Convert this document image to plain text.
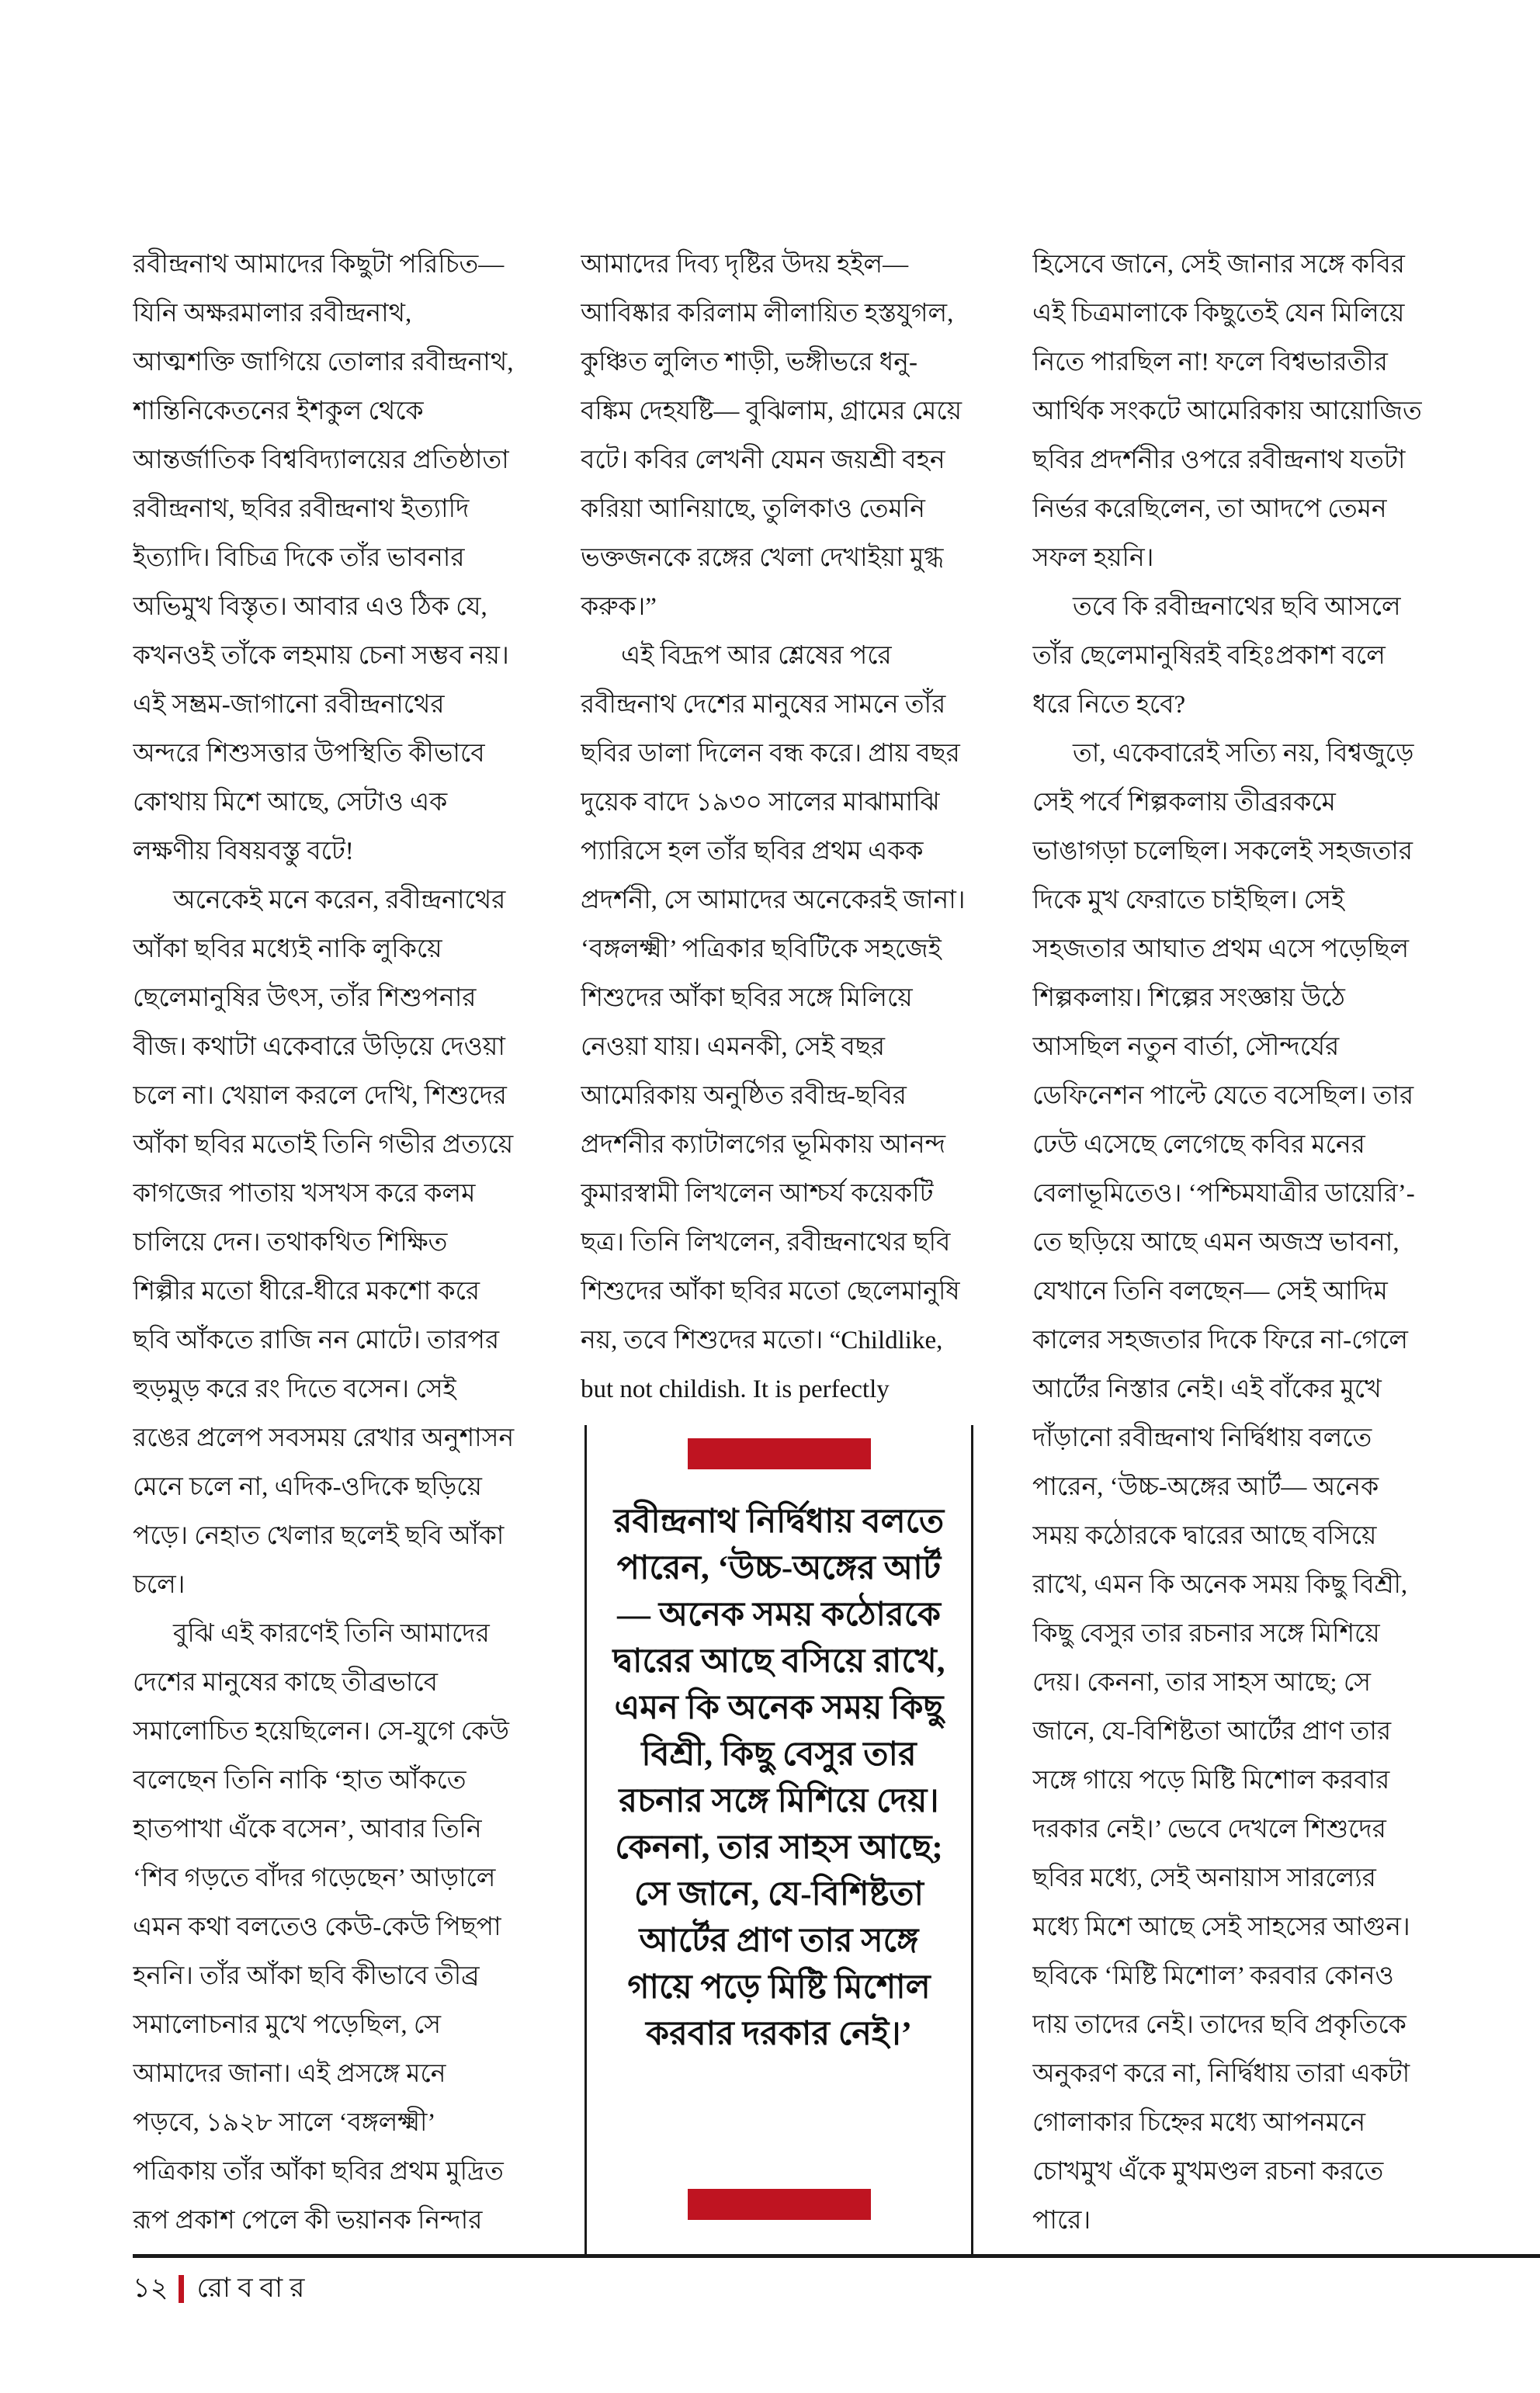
রবীন্দ্রনাথ আমাদের কিছুটা পরিচিত— যিনি অক্ষরমালার রবীন্দ্রনাথ, আত্মশক্তি জাগিয়ে তোলার রবীন্দ্রনাথ, শান্তিনিকেতনের ইশকুল থেকে আন্তর্জাতিক বিশ্ববিদ্যালয়ের প্রতিষ্ঠাতা রবীন্দ্রনাথ, ছবির রবীন্দ্রনাথ ইত্যাদি ইত্যাদি। বিচিত্র দিকে তাঁর ভাবনার অভিমুখ বিস্তৃত। আবার এও ঠিক যে, কখনওই তাঁকে লহমায় চেনা সম্ভব নয়। এই সম্ভ্রম-জাগানো রবীন্দ্রনাথের অন্দরে শিশুসত্তার উপস্থিতি কীভাবে কোথায় মিশে আছে, সেটাও এক লক্ষণীয় বিষয়বস্তু বটে!

অনেকেই মনে করেন, রবীন্দ্রনাথের আঁকা ছবির মধ্যেই নাকি লুকিয়ে ছেলেমানুষির উৎস, তাঁর শিশুপনার বীজ। কথাটা একেবারে উড়িয়ে দেওয়া চলে না। খেয়াল করলে দেখি, শিশুদের আঁকা ছবির মতোই তিনি গভীর প্রত্যয়ে কাগজের পাতায় খসখস করে কলম চালিয়ে দেন। তথাকথিত শিক্ষিত শিল্পীর মতো ধীরে-ধীরে মকশো করে ছবি আঁকতে রাজি নন মোটে। তারপর হুড়মুড় করে রং দিতে বসেন। সেই রঙের প্রলেপ সবসময় রেখার অনুশাসন মেনে চলে না, এদিক-ওদিকে ছড়িয়ে পড়ে। নেহাত খেলার ছলেই ছবি আঁকা চলে।

বুঝি এই কারণেই তিনি আমাদের দেশের মানুষের কাছে তীব্রভাবে সমালোচিত হয়েছিলেন। সে-যুগে কেউ বলেছেন তিনি নাকি ‘হাত আঁকতে হাতপাখা এঁকে বসেন’, আবার তিনি ‘শিব গড়তে বাঁদর গড়েছেন’ আড়ালে এমন কথা বলতেও কেউ-কেউ পিছপা হননি। তাঁর আঁকা ছবি কীভাবে তীব্র সমালোচনার মুখে পড়েছিল, সে আমাদের জানা। এই প্রসঙ্গে মনে পড়বে, ১৯২৮ সালে ‘বঙ্গলক্ষ্মী’ পত্রিকায় তাঁর আঁকা ছবির প্রথম মুদ্রিত রূপ প্রকাশ পেলে কী ভয়ানক নিন্দার

আমাদের দিব্য দৃষ্টির উদয় হইল— আবিষ্কার করিলাম লীলায়িত হস্তযুগল, কুঞ্চিত লুলিত শাড়ী, ভঙ্গীভরে ধনু-বঙ্কিম দেহযষ্টি— বুঝিলাম, গ্রামের মেয়ে বটে। কবির লেখনী যেমন জয়শ্রী বহন করিয়া আনিয়াছে, তুলিকাও তেমনি ভক্তজনকে রঙ্গের খেলা দেখাইয়া মুগ্ধ করুক।”

এই বিদ্রূপ আর শ্লেষের পরে রবীন্দ্রনাথ দেশের মানুষের সামনে তাঁর ছবির ডালা দিলেন বন্ধ করে। প্রায় বছর দুয়েক বাদে ১৯৩০ সালের মাঝামাঝি প্যারিসে হল তাঁর ছবির প্রথম একক প্রদর্শনী, সে আমাদের অনেকেরই জানা। ‘বঙ্গলক্ষ্মী’ পত্রিকার ছবিটিকে সহজেই শিশুদের আঁকা ছবির সঙ্গে মিলিয়ে নেওয়া যায়। এমনকী, সেই বছর আমেরিকায় অনুষ্ঠিত রবীন্দ্র-ছবির প্রদর্শনীর ক্যাটালগের ভূমিকায় আনন্দ কুমারস্বামী লিখলেন আশ্চর্য কয়েকটি ছত্র। তিনি লিখলেন, রবীন্দ্রনাথের ছবি শিশুদের আঁকা ছবির মতো ছেলেমানুষি নয়, তবে শিশুদের মতো। “Childlike, but not childish. It is perfectly

হিসেবে জানে, সেই জানার সঙ্গে কবির এই চিত্রমালাকে কিছুতেই যেন মিলিয়ে নিতে পারছিল না! ফলে বিশ্বভারতীর আর্থিক সংকটে আমেরিকায় আয়োজিত ছবির প্রদর্শনীর ওপরে রবীন্দ্রনাথ যতটা নির্ভর করেছিলেন, তা আদপে তেমন সফল হয়নি।

তবে কি রবীন্দ্রনাথের ছবি আসলে তাঁর ছেলেমানুষিরই বহিঃপ্রকাশ বলে ধরে নিতে হবে?

তা, একেবারেই সত্যি নয়, বিশ্বজুড়ে সেই পর্বে শিল্পকলায় তীব্ররকমে ভাঙাগড়া চলেছিল। সকলেই সহজতার দিকে মুখ ফেরাতে চাইছিল। সেই সহজতার আঘাত প্রথম এসে পড়েছিল শিল্পকলায়। শিল্পের সংজ্ঞায় উঠে আসছিল নতুন বার্তা, সৌন্দর্যের ডেফিনেশন পাল্টে যেতে বসেছিল। তার ঢেউ এসেছে লেগেছে কবির মনের বেলাভূমিতেও। ‘পশ্চিমযাত্রীর ডায়েরি’-তে ছড়িয়ে আছে এমন অজস্র ভাবনা, যেখানে তিনি বলছেন— সেই আদিম কালের সহজতার দিকে ফিরে না-গেলে আর্টের নিস্তার নেই। এই বাঁকের মুখে দাঁড়ানো রবীন্দ্রনাথ নির্দ্বিধায় বলতে পারেন, ‘উচ্চ-অঙ্গের আর্ট— অনেক সময় কঠোরকে দ্বারের আছে বসিয়ে রাখে, এমন কি অনেক সময় কিছু বিশ্রী, কিছু বেসুর তার রচনার সঙ্গে মিশিয়ে দেয়। কেননা, তার সাহস আছে; সে জানে, যে-বিশিষ্টতা আর্টের প্রাণ তার সঙ্গে গায়ে পড়ে মিষ্টি মিশোল করবার দরকার নেই।’ ভেবে দেখলে শিশুদের ছবির মধ্যে, সেই অনায়াস সারল্যের মধ্যে মিশে আছে সেই সাহসের আগুন। ছবিকে ‘মিষ্টি মিশোল’ করবার কোনও দায় তাদের নেই। তাদের ছবি প্রকৃতিকে অনুকরণ করে না, নির্দ্বিধায় তারা একটা গোলাকার চিহ্নের মধ্যে আপনমনে চোখমুখ এঁকে মুখমণ্ডল রচনা করতে পারে।

রবীন্দ্রনাথ নির্দ্বিধায় বলতে পারেন, ‘উচ্চ-অঙ্গের আর্ট— অনেক সময় কঠোরকে দ্বারের আছে বসিয়ে রাখে, এমন কি অনেক সময় কিছু বিশ্রী, কিছু বেসুর তার রচনার সঙ্গে মিশিয়ে দেয়। কেননা, তার সাহস আছে; সে জানে, যে-বিশিষ্টতা আর্টের প্রাণ তার সঙ্গে গায়ে পড়ে মিষ্টি মিশোল করবার দরকার নেই।’
১২ রোববার
